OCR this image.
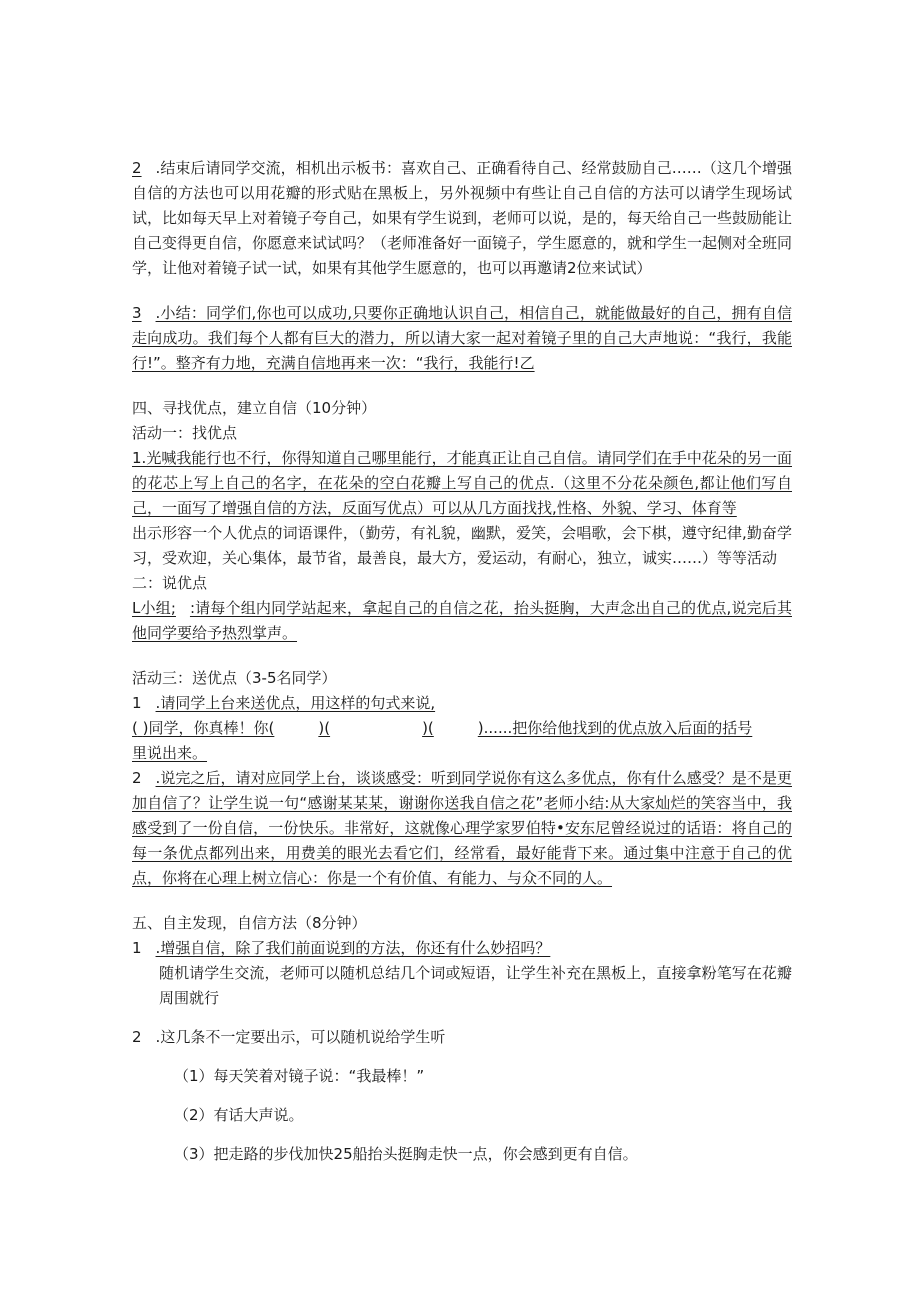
2 .结束后请同学交流，相机出示板书：喜欢自己、正确看待自己、经常鼓励自己……（这几个增强自信的方法也可以用花瓣的形式贴在黑板上，另外视频中有些让自己自信的方法可以请学生现场试试，比如每天早上对着镜子夸自己，如果有学生说到，老师可以说，是的，每天给自己一些鼓励能让自己变得更自信，你愿意来试试吗？（老师准备好一面镜子，学生愿意的，就和学生一起侧对全班同学，让他对着镜子试一试，如果有其他学生愿意的，也可以再邀请2位来试试）

3 .小结：同学们,你也可以成功,只要你正确地认识自己，相信自己，就能做最好的自己，拥有自信走向成功。我们每个人都有巨大的潜力，所以请大家一起对着镜子里的自己大声地说：“我行，我能行!”。整齐有力地，充满自信地再来一次：“我行，我能行!乙

四、寻找优点，建立自信（10分钟）

活动一：找优点

1.光喊我能行也不行，你得知道自己哪里能行，才能真正让自己自信。请同学们在手中花朵的另一面的花芯上写上自己的名字，在花朵的空白花瓣上写自己的优点.（这里不分花朵颜色,都让他们写自己，一面写了增强自信的方法，反面写优点）可以从几方面找找,性格、外貌、学习、体育等

出示形容一个人优点的词语课件，（勤劳，有礼貌，幽默，爱笑，会唱歌，会下棋，遵守纪律,勤奋学习，受欢迎，关心集体，最节省，最善良，最大方，爱运动，有耐心，独立，诚实……）等等活动

二：说优点

L小组; :请每个组内同学站起来，拿起自己的自信之花，抬头挺胸，大声念出自己的优点,说完后其他同学要给予热烈掌声。

活动三：送优点（3-5名同学）

1 .请同学上台来送优点，用这样的句式来说,

( )同学，你真棒！你(	)(	)(	)......把你给他找到的优点放入后面的括号

里说出来。

2 .说完之后，请对应同学上台，谈谈感受：听到同学说你有这么多优点，你有什么感受？是不是更加自信了？让学生说一句“感谢某某某，谢谢你送我自信之花”老师小结:从大家灿烂的笑容当中，我感受到了一份自信，一份快乐。非常好，这就像心理学家罗伯特•安东尼曾经说过的话语：将自己的每一条优点都列出来，用费美的眼光去看它们，经常看，最好能背下来。通过集中注意于自己的优点，你将在心理上树立信心：你是一个有价值、有能力、与众不同的人。

五、自主发现，自信方法（8分钟）

1 .增强自信，除了我们前面说到的方法，你还有什么妙招吗？

随机请学生交流，老师可以随机总结几个词或短语，让学生补充在黑板上，直接拿粉笔写在花瓣周围就行

2 .这几条不一定要出示，可以随机说给学生听

（1）每天笑着对镜子说：“我最棒！”

（2）有话大声说。

（3）把走路的步伐加快25船抬头挺胸走快一点，你会感到更有自信。
